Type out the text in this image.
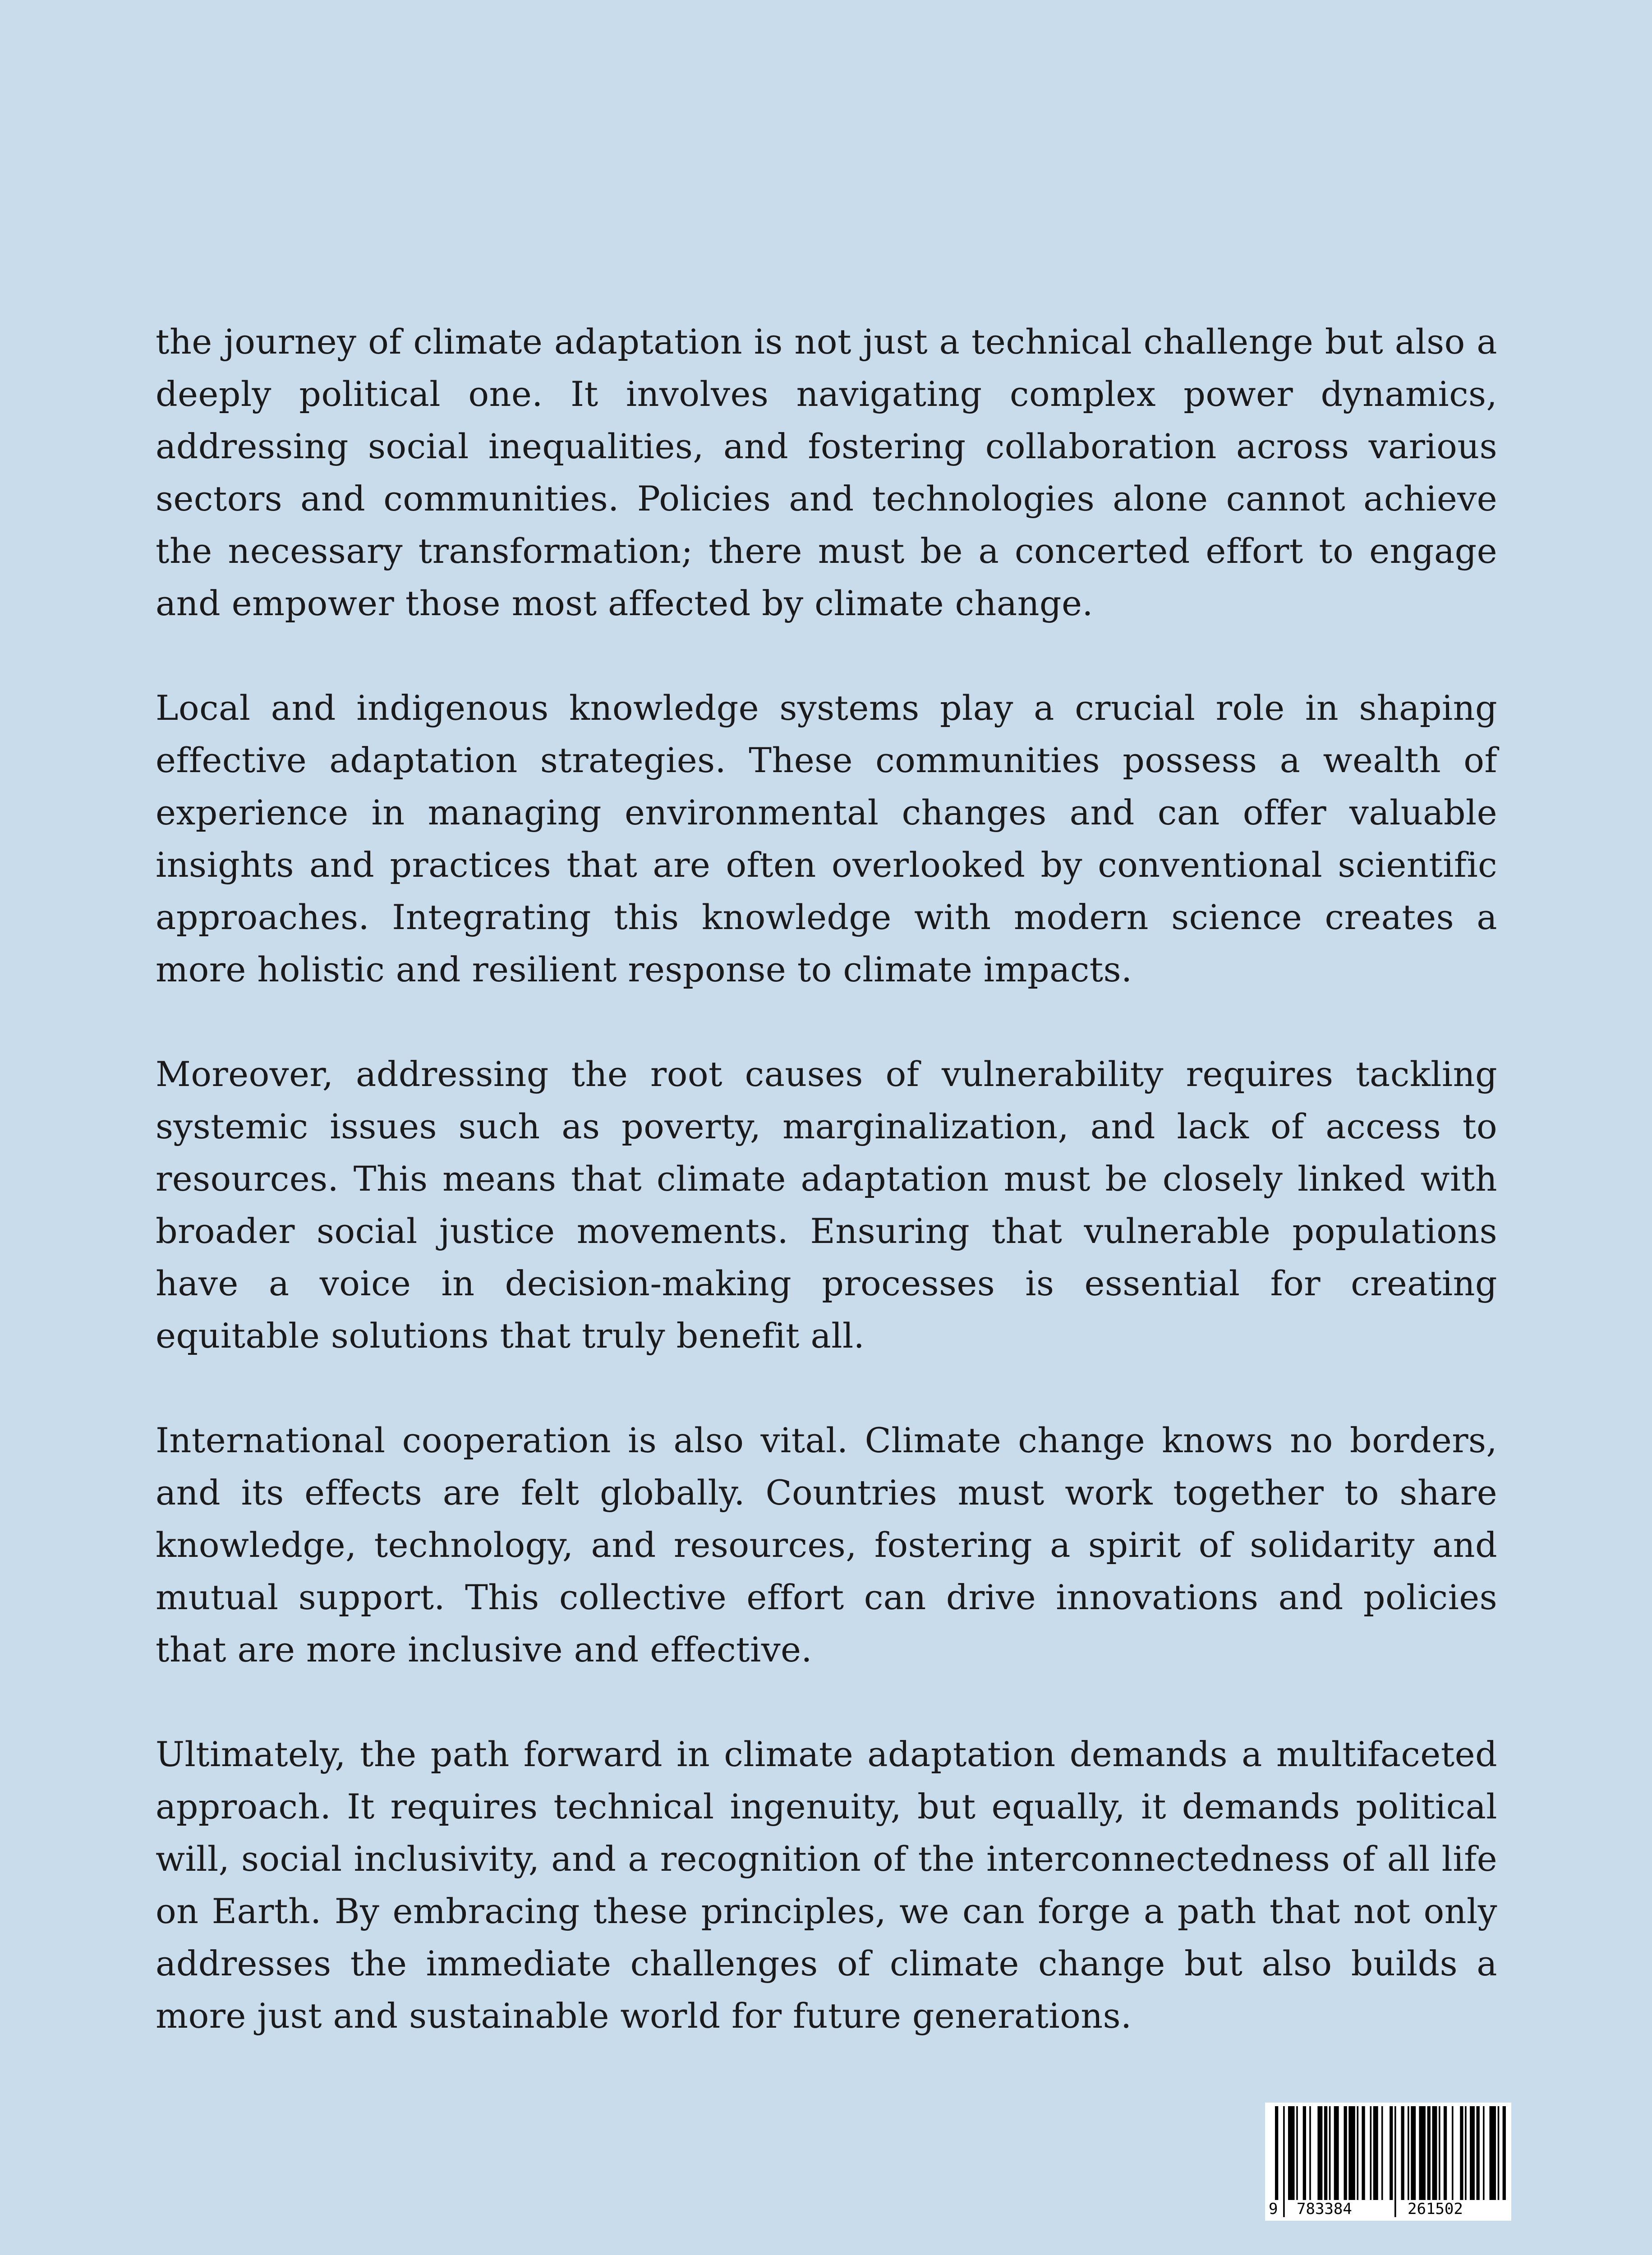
the journey of climate adaptation is not just a technical challenge but also a deeply political one. It involves navigating complex power dynamics, addressing social inequalities, and fostering collaboration across various sectors and communities. Policies and technologies alone cannot achieve the necessary transformation; there must be a concerted effort to engage and empower those most affected by climate change.

Local and indigenous knowledge systems play a crucial role in shaping effective adaptation strategies. These communities possess a wealth of experience in managing environmental changes and can offer valuable insights and practices that are often overlooked by conventional scientific approaches. Integrating this knowledge with modern science creates a more holistic and resilient response to climate impacts.

Moreover, addressing the root causes of vulnerability requires tackling systemic issues such as poverty, marginalization, and lack of access to resources. This means that climate adaptation must be closely linked with broader social justice movements. Ensuring that vulnerable populations have a voice in decision-making processes is essential for creating equitable solutions that truly benefit all.

International cooperation is also vital. Climate change knows no borders, and its effects are felt globally. Countries must work together to share knowledge, technology, and resources, fostering a spirit of solidarity and mutual support. This collective effort can drive innovations and policies that are more inclusive and effective.

Ultimately, the path forward in climate adaptation demands a multifaceted approach. It requires technical ingenuity, but equally, it demands political will, social inclusivity, and a recognition of the interconnectedness of all life on Earth. By embracing these principles, we can forge a path that not only addresses the immediate challenges of climate change but also builds a more just and sustainable world for future generations.

9 783384	261502
